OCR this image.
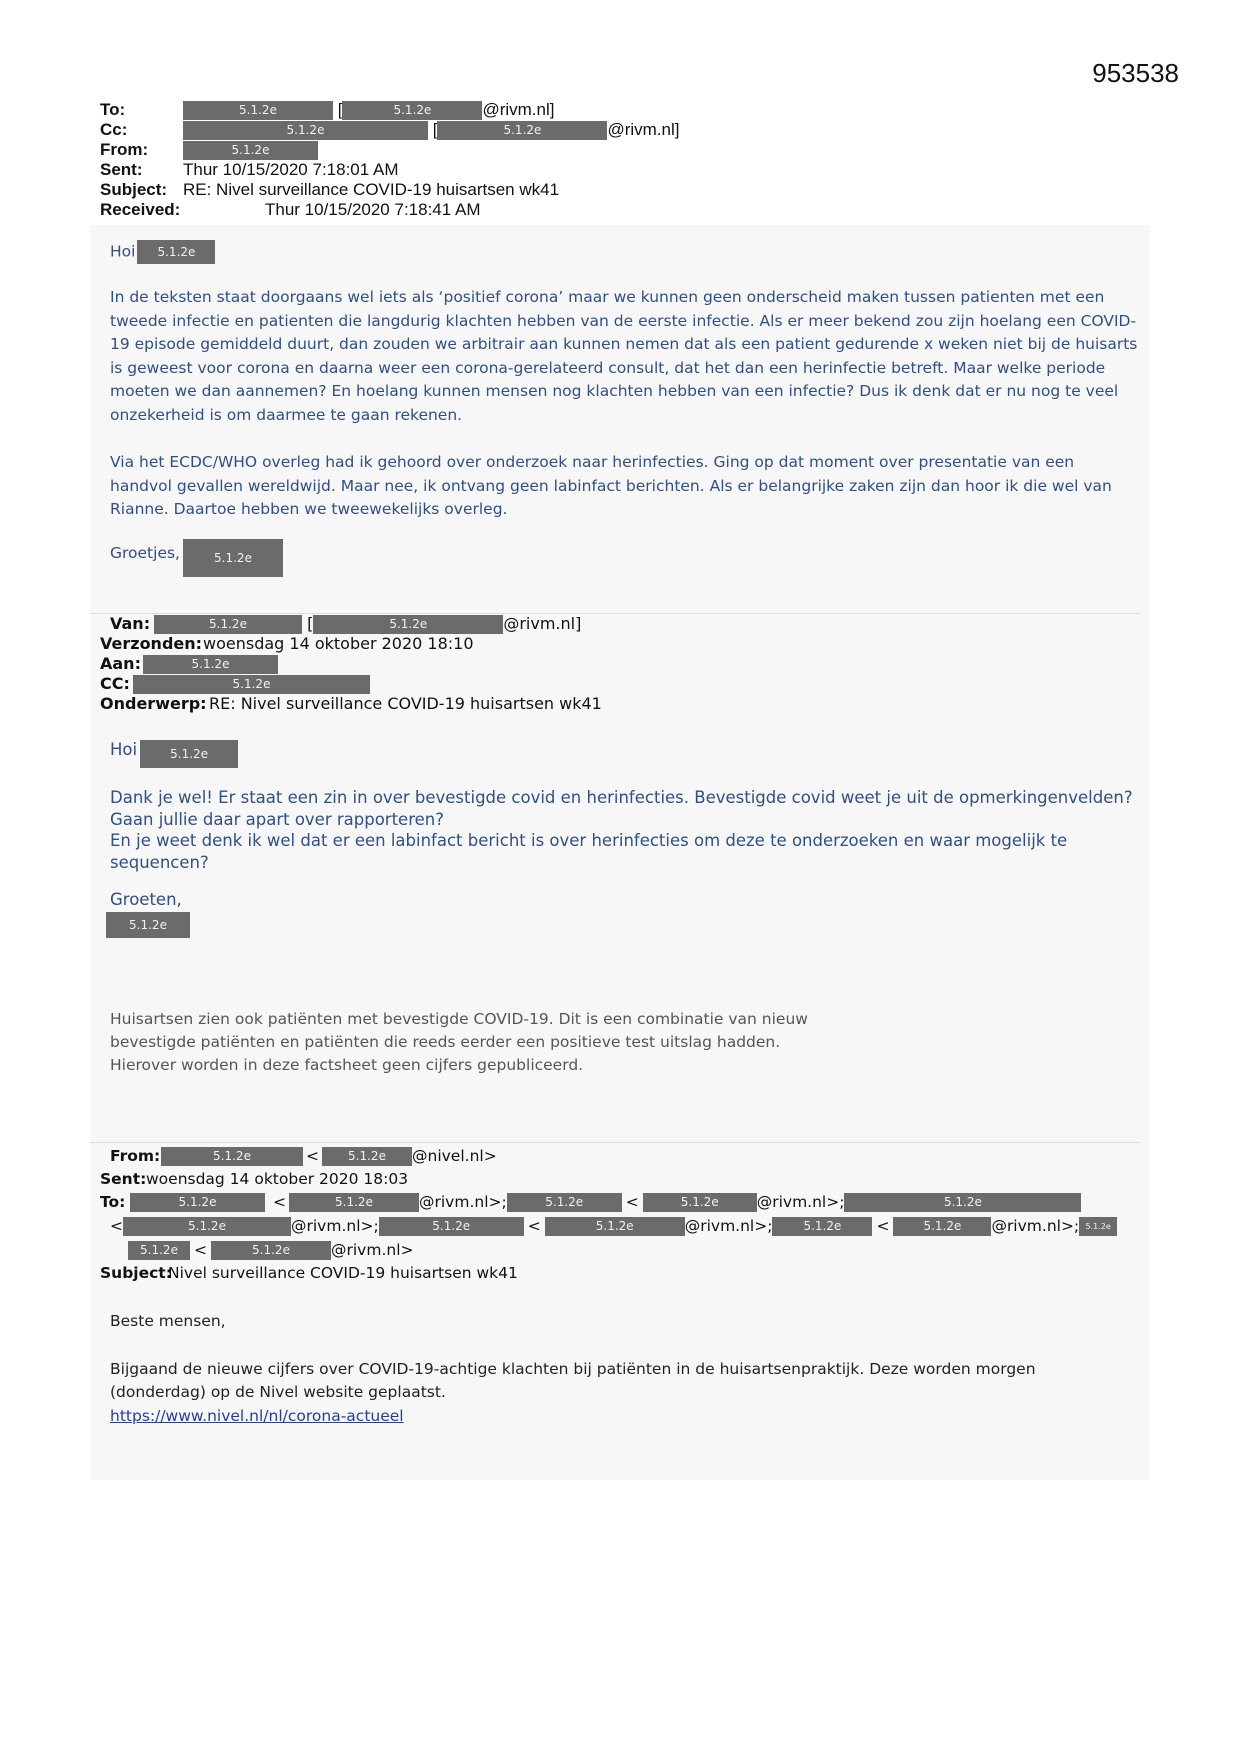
953538
To:	5.1.2e	[	5.1.2e	@rivm.nl]
Cc:	5.1.2e	[	5.1.2e	@rivm.nl]
From:	5.1.2e
Sent: Thur 10/15/2020 7:18:01 AM
Subject: RE: Nivel surveillance COVID-19 huisartsen wk41
Received:	Thur 10/15/2020 7:18:41 AM
Hoi 5.1.2e
In de teksten staat doorgaans wel iets als ‘positief corona’ maar we kunnen geen onderscheid maken tussen patienten met een tweede infectie en patienten die langdurig klachten hebben van de eerste infectie. Als er meer bekend zou zijn hoelang een COVID-19 episode gemiddeld duurt, dan zouden we arbitrair aan kunnen nemen dat als een patient gedurende x weken niet bij de huisarts is geweest voor corona en daarna weer een corona-gerelateerd consult, dat het dan een herinfectie betreft. Maar welke periode moeten we dan aannemen? En hoelang kunnen mensen nog klachten hebben van een infectie? Dus ik denk dat er nu nog te veel onzekerheid is om daarmee te gaan rekenen.
Via het ECDC/WHO overleg had ik gehoord over onderzoek naar herinfecties. Ging op dat moment over presentatie van een handvol gevallen wereldwijd. Maar nee, ik ontvang geen labinfact berichten. Als er belangrijke zaken zijn dan hoor ik die wel van Rianne. Daartoe hebben we tweewekelijks overleg.
Groetjes,	5.1.2e
Van:	5.1.2e	[	5.1.2e	@rivm.nl]
Verzonden:woensdag 14 oktober 2020 18:10
Aan:	5.1.2e
CC:	5.1.2e
Onderwerp: RE: Nivel surveillance COVID-19 huisartsen wk41
Hoi	5.1.2e
Dank je wel! Er staat een zin in over bevestigde covid en herinfecties. Bevestigde covid weet je uit de opmerkingenvelden? Gaan jullie daar apart over rapporteren?
En je weet denk ik wel dat er een labinfact bericht is over herinfecties om deze te onderzoeken en waar mogelijk te sequencen?
Groeten,
5.1.2e
Huisartsen zien ook patiënten met bevestigde COVID-19. Dit is een combinatie van nieuw
bevestigde patiënten en patiënten die reeds eerder een positieve test uitslag hadden.
Hierover worden in deze factsheet geen cijfers gepubliceerd.
From:	5.1.2e	< 5.1.2e @nivel.nl>
Sent:woensdag 14 oktober 2020 18:03
To:	5.1.2e	<	5.1.2e	@rivm.nl>;	5.1.2e	<	5.1.2e @rivm.nl>;	5.1.2e
<	5.1.2e	@rivm.nl>;	5.1.2e	<	5.1.2e	@rivm.nl>;	5.1.2e <	5.1.2e @rivm.nl>; 5.1.2e
5.1.2e <	5.1.2e	@rivm.nl>
Subject:Nivel surveillance COVID-19 huisartsen wk41
Beste mensen,
Bijgaand de nieuwe cijfers over COVID-19-achtige klachten bij patiënten in de huisartsenpraktijk. Deze worden morgen
(donderdag) op de Nivel website geplaatst.
https://www.nivel.nl/nl/corona-actueel
